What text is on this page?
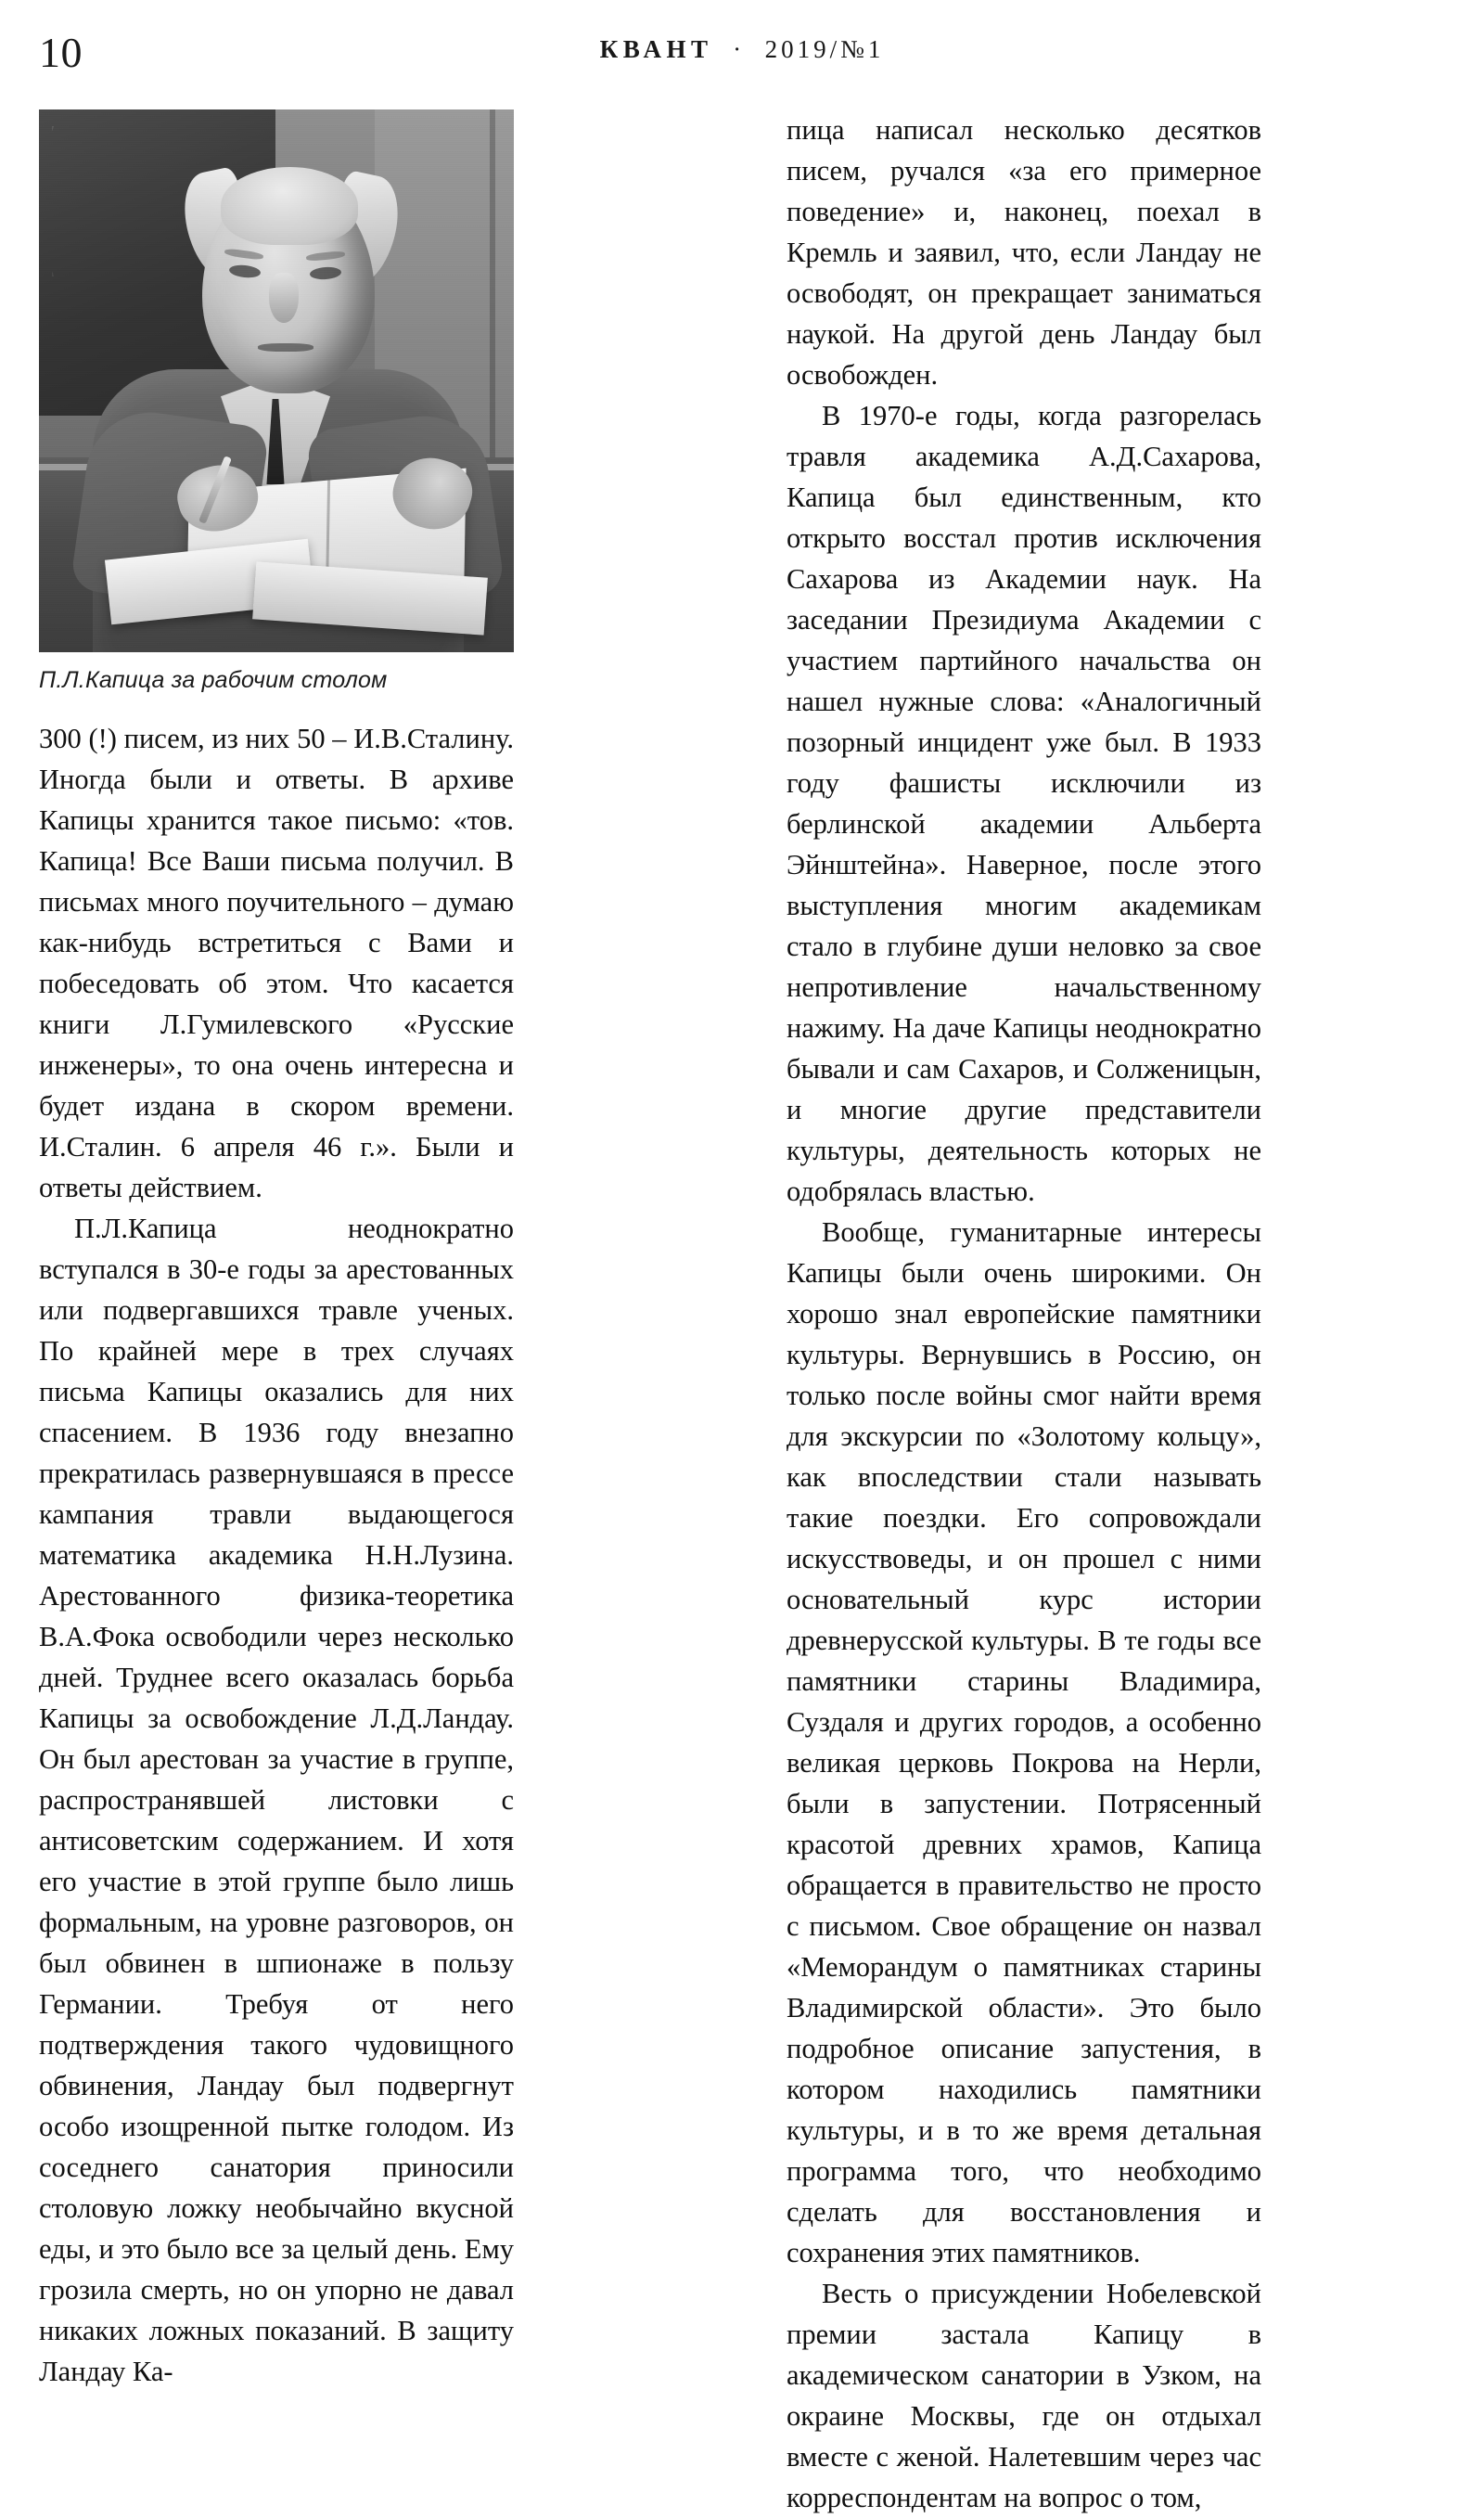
10	КВАНТ  ·  2019/№1
П.Л.Капица за рабочим столом

300 (!) писем, из них 50 – И.В.Сталину. Иногда были и ответы. В архиве Капицы хранится такое письмо: «тов. Капица! Все Ваши письма получил. В письмах много поучительного – думаю как-нибудь встретиться с Вами и побеседовать об этом. Что касается книги Л.Гумилевского «Русские инженеры», то она очень интересна и будет издана в скором времени. И.Сталин. 6 апреля 46 г.». Были и ответы действием.

П.Л.Капица неоднократно вступался в 30-е годы за арестованных или подвергавшихся травле ученых. По крайней мере в трех случаях письма Капицы оказались для них спасением. В 1936 году внезапно прекратилась развернувшаяся в прессе кампания травли выдающегося математика академика Н.Н.Лузина. Арестованного физика-теоретика В.А.Фока освободили через несколько дней. Труднее всего оказалась борьба Капицы за освобождение Л.Д.Ландау. Он был арестован за участие в группе, распространявшей листовки с антисоветским содержанием. И хотя его участие в этой группе было лишь формальным, на уровне разговоров, он был обвинен в шпионаже в пользу Германии. Требуя от него подтверждения такого чудовищного обвинения, Ландау был подвергнут особо изощренной пытке голодом. Из соседнего санатория приносили столовую ложку необычайно вкусной еды, и это было все за целый день. Ему грозила смерть, но он упорно не давал никаких ложных показаний. В защиту Ландау Ка-

пица написал несколько десятков писем, ручался «за его примерное поведение» и, наконец, поехал в Кремль и заявил, что, если Ландау не освободят, он прекращает заниматься наукой. На другой день Ландау был освобожден.

В 1970-е годы, когда разгорелась травля академика А.Д.Сахарова, Капица был единственным, кто открыто восстал против исключения Сахарова из Академии наук. На заседании Президиума Академии с участием партийного начальства он нашел нужные слова: «Аналогичный позорный инцидент уже был. В 1933 году фашисты исключили из берлинской академии Альберта Эйнштейна». Наверное, после этого выступления многим академикам стало в глубине души неловко за свое непротивление начальственному нажиму. На даче Капицы неоднократно бывали и сам Сахаров, и Солженицын, и многие другие представители культуры, деятельность которых не одобрялась властью.

Вообще, гуманитарные интересы Капицы были очень широкими. Он хорошо знал европейские памятники культуры. Вернувшись в Россию, он только после войны смог найти время для экскурсии по «Золотому кольцу», как впоследствии стали называть такие поездки. Его сопровождали искусствоведы, и он прошел с ними основательный курс истории древнерусской культуры. В те годы все памятники старины Владимира, Суздаля и других городов, а особенно великая церковь Покрова на Нерли, были в запустении. Потрясенный красотой древних храмов, Капица обращается в правительство не просто с письмом. Свое обращение он назвал «Меморандум о памятниках старины Владимирской области». Это было подробное описание запустения, в котором находились памятники культуры, и в то же время детальная программа того, что необходимо сделать для восстановления и сохранения этих памятников.

Весть о присуждении Нобелевской премии застала Капицу в академическом санатории в Узком, на окраине Москвы, где он отдыхал вместе с женой. Налетевшим через час корреспондентам на вопрос о том,
